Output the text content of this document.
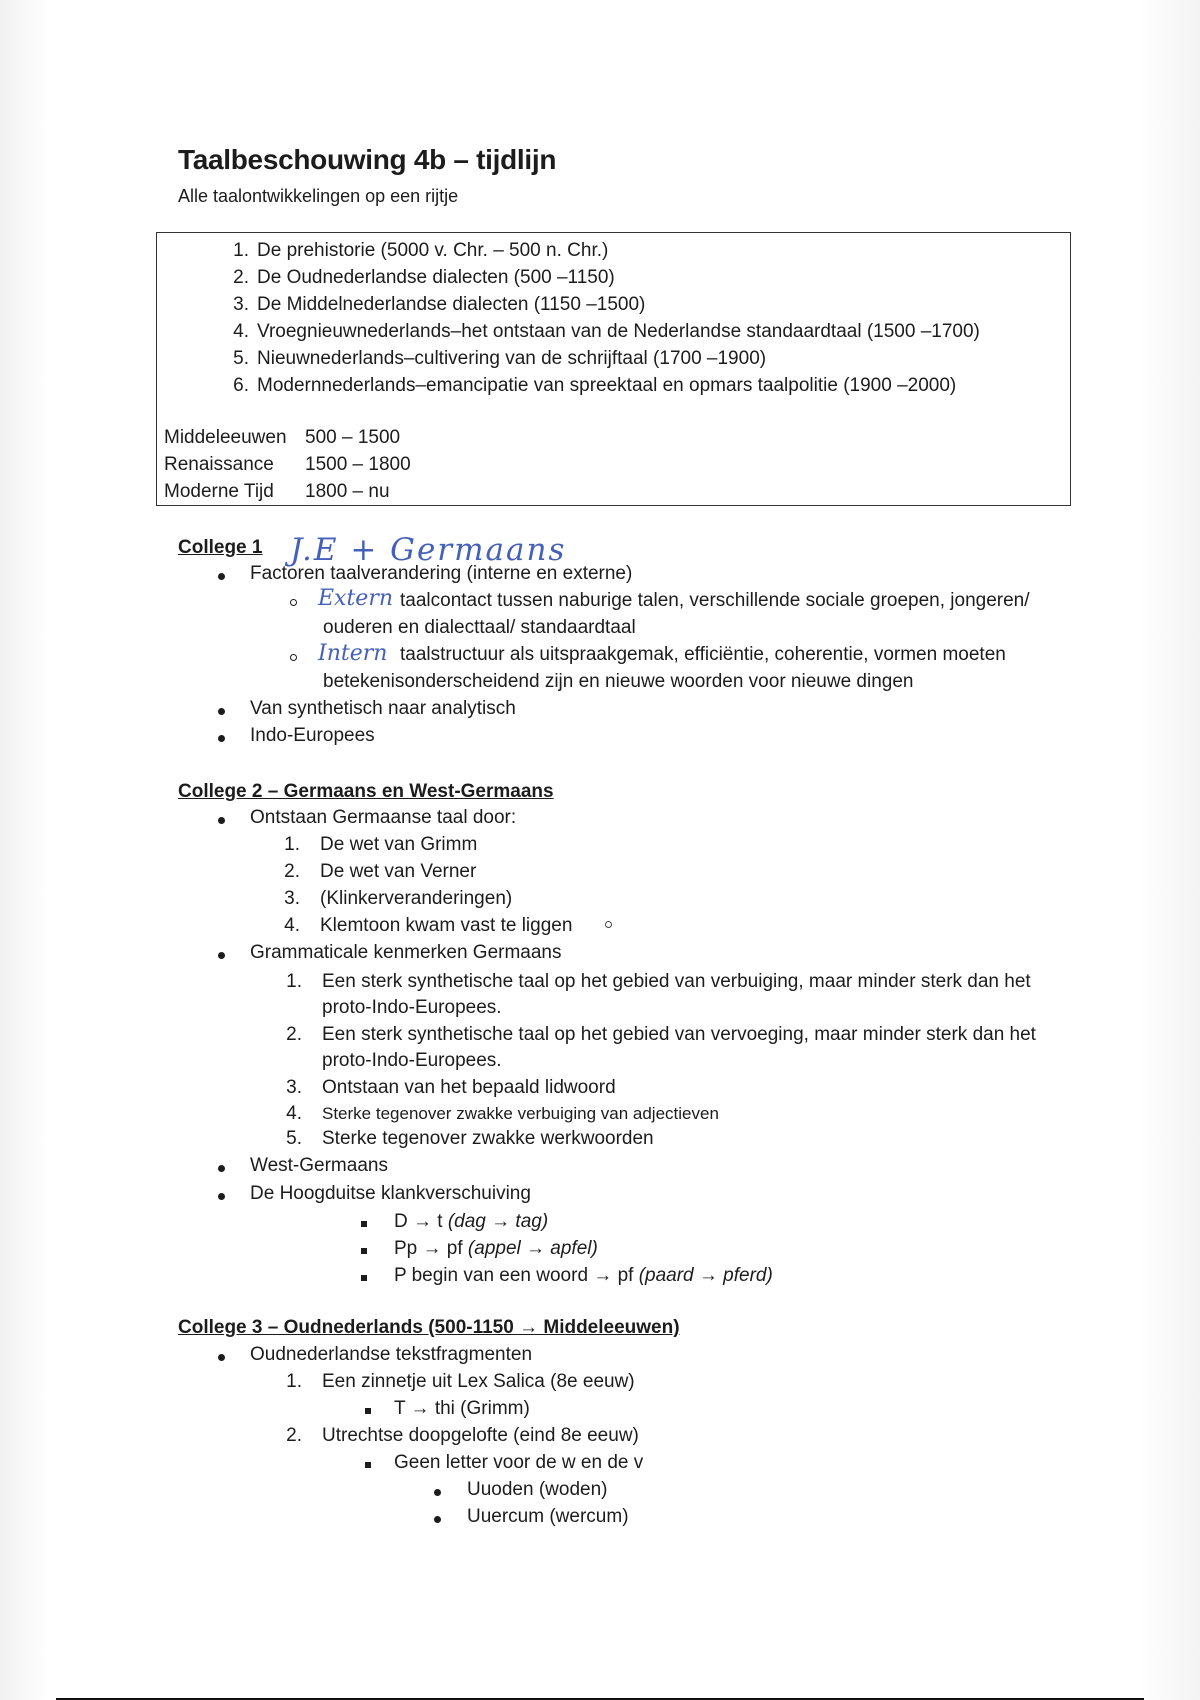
Taalbeschouwing 4b – tijdlijn
Alle taalontwikkelingen op een rijtje
1. De prehistorie (5000 v. Chr. – 500 n. Chr.)
2. De Oudnederlandse dialecten (500 –1150)
3. De Middelnederlandse dialecten (1150 –1500)
4. Vroegnieuwnederlands–het ontstaan van de Nederlandse standaardtaal (1500 –1700)
5. Nieuwnederlands–cultivering van de schrijftaal (1700 –1900)
6. Modernnederlands–emancipatie van spreektaal en opmars taalpolitie (1900 –2000)
Middeleeuwen 500 – 1500
Renaissance 1500 – 1800
Moderne Tijd 1800 – nu
College 1 J.E + Germaans
Factoren taalverandering (interne en externe)
Extern taalcontact tussen naburige talen, verschillende sociale groepen, jongeren/
ouderen en dialecttaal/ standaardtaal
Intern taalstructuur als uitspraakgemak, efficiëntie, coherentie, vormen moeten
betekenisonderscheidend zijn en nieuwe woorden voor nieuwe dingen
Van synthetisch naar analytisch
Indo-Europees
College 2 – Germaans en West-Germaans
Ontstaan Germaanse taal door:
1. De wet van Grimm
2. De wet van Verner
3. (Klinkerveranderingen)
4. Klemtoon kwam vast te liggen
Grammaticale kenmerken Germaans
1. Een sterk synthetische taal op het gebied van verbuiging, maar minder sterk dan het
proto-Indo-Europees.
2. Een sterk synthetische taal op het gebied van vervoeging, maar minder sterk dan het
proto-Indo-Europees.
3. Ontstaan van het bepaald lidwoord
4. Sterke tegenover zwakke verbuiging van adjectieven
5. Sterke tegenover zwakke werkwoorden
West-Germaans
De Hoogduitse klankverschuiving
D → t (dag → tag)
Pp → pf (appel → apfel)
P begin van een woord → pf (paard → pferd)
College 3 – Oudnederlands (500-1150 → Middeleeuwen)
Oudnederlandse tekstfragmenten
1. Een zinnetje uit Lex Salica (8e eeuw)
T → thi (Grimm)
2. Utrechtse doopgelofte (eind 8e eeuw)
Geen letter voor de w en de v
Uuoden (woden)
Uuercum (wercum)
